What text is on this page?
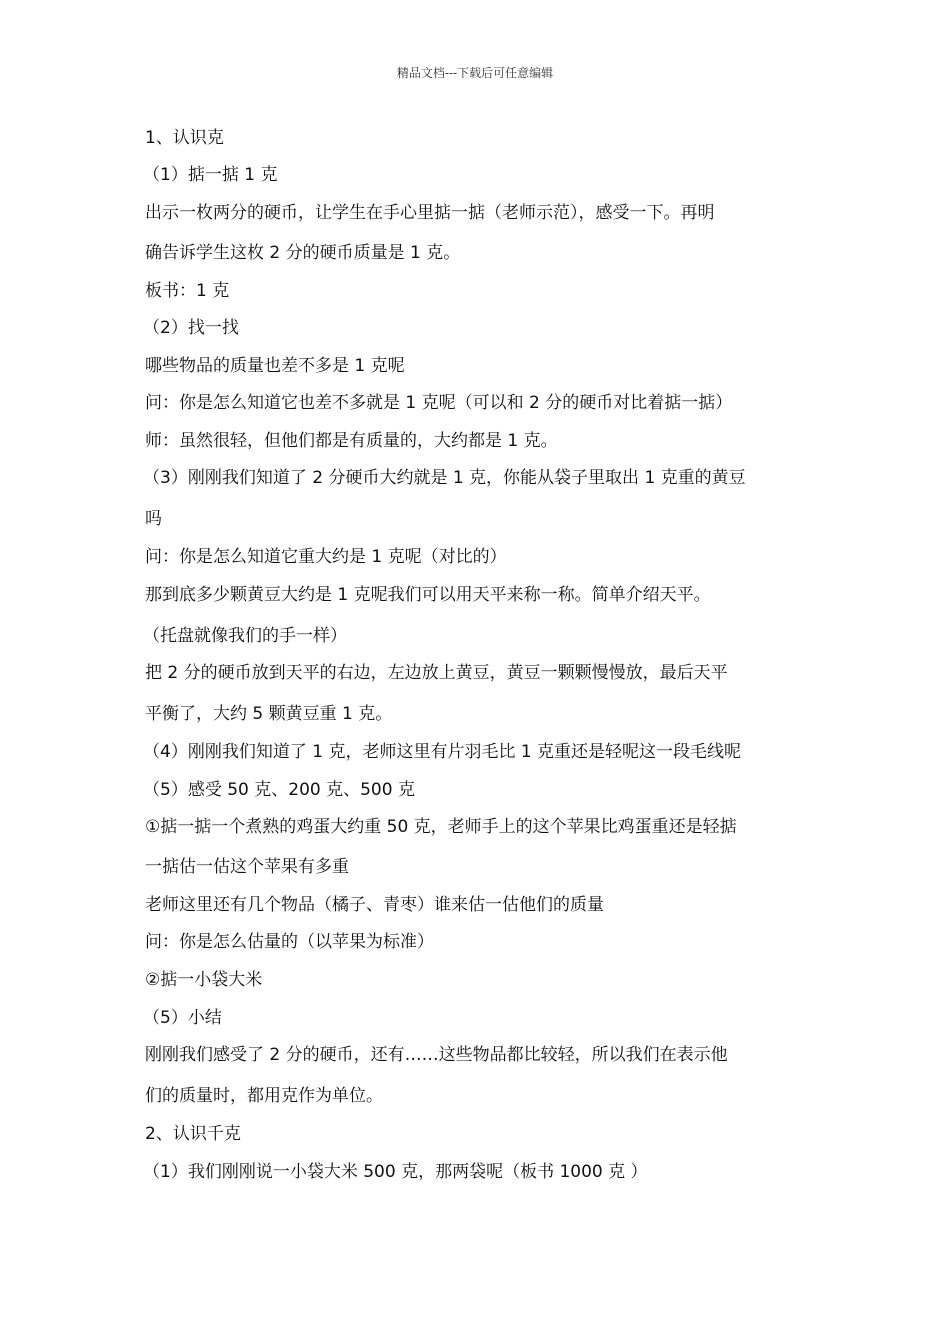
精品文档---下载后可任意编辑
1、认识克
（1）掂一掂 1 克
出示一枚两分的硬币，让学生在手心里掂一掂（老师示范），感受一下。再明
确告诉学生这枚 2 分的硬币质量是 1 克。
板书：1 克
（2）找一找
哪些物品的质量也差不多是 1 克呢
问：你是怎么知道它也差不多就是 1 克呢（可以和 2 分的硬币对比着掂一掂）
师：虽然很轻，但他们都是有质量的，大约都是 1 克。
（3）刚刚我们知道了 2 分硬币大约就是 1 克，你能从袋子里取出 1 克重的黄豆
吗
问：你是怎么知道它重大约是 1 克呢（对比的）
那到底多少颗黄豆大约是 1 克呢我们可以用天平来称一称。简单介绍天平。
（托盘就像我们的手一样）
把 2 分的硬币放到天平的右边，左边放上黄豆，黄豆一颗颗慢慢放，最后天平
平衡了，大约 5 颗黄豆重 1 克。
（4）刚刚我们知道了 1 克，老师这里有片羽毛比 1 克重还是轻呢这一段毛线呢
（5）感受 50 克、200 克、500 克
①掂一掂一个煮熟的鸡蛋大约重 50 克，老师手上的这个苹果比鸡蛋重还是轻掂
一掂估一估这个苹果有多重
老师这里还有几个物品（橘子、青枣）谁来估一估他们的质量
问：你是怎么估量的（以苹果为标准）
②掂一小袋大米
（5）小结
刚刚我们感受了 2 分的硬币，还有……这些物品都比较轻，所以我们在表示他
们的质量时，都用克作为单位。
2、认识千克
（1）我们刚刚说一小袋大米 500 克，那两袋呢（板书 1000 克 ）
